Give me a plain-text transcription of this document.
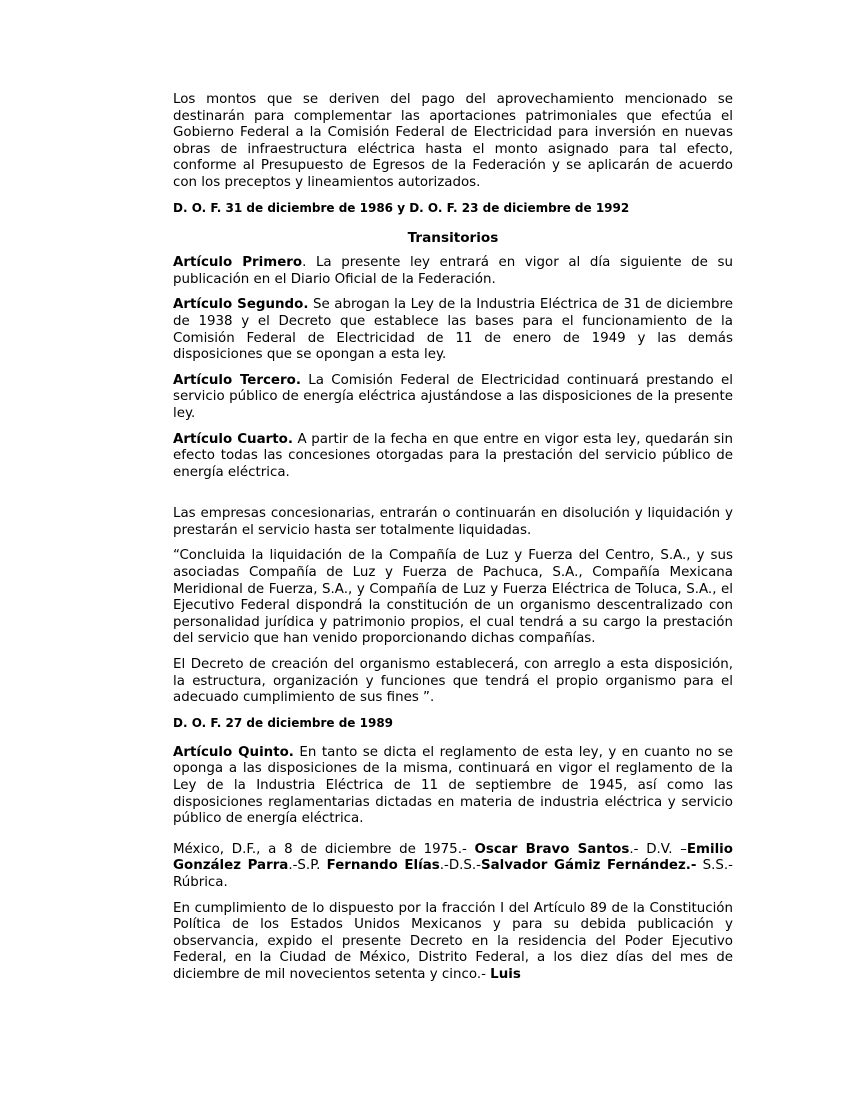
Los montos que se deriven del pago del aprovechamiento mencionado se destinarán para complementar las aportaciones patrimoniales que efectúa el Gobierno Federal a la Comisión Federal de Electricidad para inversión en nuevas obras de infraestructura eléctrica hasta el monto asignado para tal efecto, conforme al Presupuesto de Egresos de la Federación y se aplicarán de acuerdo con los preceptos y lineamientos autorizados.

D. O. F. 31 de diciembre de 1986 y D. O. F. 23 de diciembre de 1992

Transitorios

Artículo Primero. La presente ley entrará en vigor al día siguiente de su publicación en el Diario Oficial de la Federación.

Artículo Segundo. Se abrogan la Ley de la Industria Eléctrica de 31 de diciembre de 1938 y el Decreto que establece las bases para el funcionamiento de la Comisión Federal de Electricidad de 11 de enero de 1949 y las demás disposiciones que se opongan a esta ley.

Artículo Tercero. La Comisión Federal de Electricidad continuará prestando el servicio público de energía eléctrica ajustándose a las disposiciones de la presente ley.

Artículo Cuarto. A partir de la fecha en que entre en vigor esta ley, quedarán sin efecto todas las concesiones otorgadas para la prestación del servicio público de energía eléctrica.

Las empresas concesionarias, entrarán o continuarán en disolución y liquidación y prestarán el servicio hasta ser totalmente liquidadas.

“Concluida la liquidación de la Compañía de Luz y Fuerza del Centro, S.A., y sus asociadas Compañía de Luz y Fuerza de Pachuca, S.A., Compañía Mexicana Meridional de Fuerza, S.A., y Compañía de Luz y Fuerza Eléctrica de Toluca, S.A., el Ejecutivo Federal dispondrá la constitución de un organismo descentralizado con personalidad jurídica y patrimonio propios, el cual tendrá a su cargo la prestación del servicio que han venido proporcionando dichas compañías.

El Decreto de creación del organismo establecerá, con arreglo a esta disposición, la estructura, organización y funciones que tendrá el propio organismo para el adecuado cumplimiento de sus fines ”.

D. O. F. 27 de diciembre de 1989

Artículo Quinto. En tanto se dicta el reglamento de esta ley, y en cuanto no se oponga a las disposiciones de la misma, continuará en vigor el reglamento de la Ley de la Industria Eléctrica de 11 de septiembre de 1945, así como las disposiciones reglamentarias dictadas en materia de industria eléctrica y servicio público de energía eléctrica.

México, D.F., a 8 de diciembre de 1975.- Oscar Bravo Santos.- D.V. –Emilio González Parra.-S.P. Fernando Elías.-D.S.-Salvador Gámiz Fernández.- S.S.- Rúbrica.

En cumplimiento de lo dispuesto por la fracción I del Artículo 89 de la Constitución Política de los Estados Unidos Mexicanos y para su debida publicación y observancia, expido el presente Decreto en la residencia del Poder Ejecutivo Federal, en la Ciudad de México, Distrito Federal, a los diez días del mes de diciembre de mil novecientos setenta y cinco.- Luis
